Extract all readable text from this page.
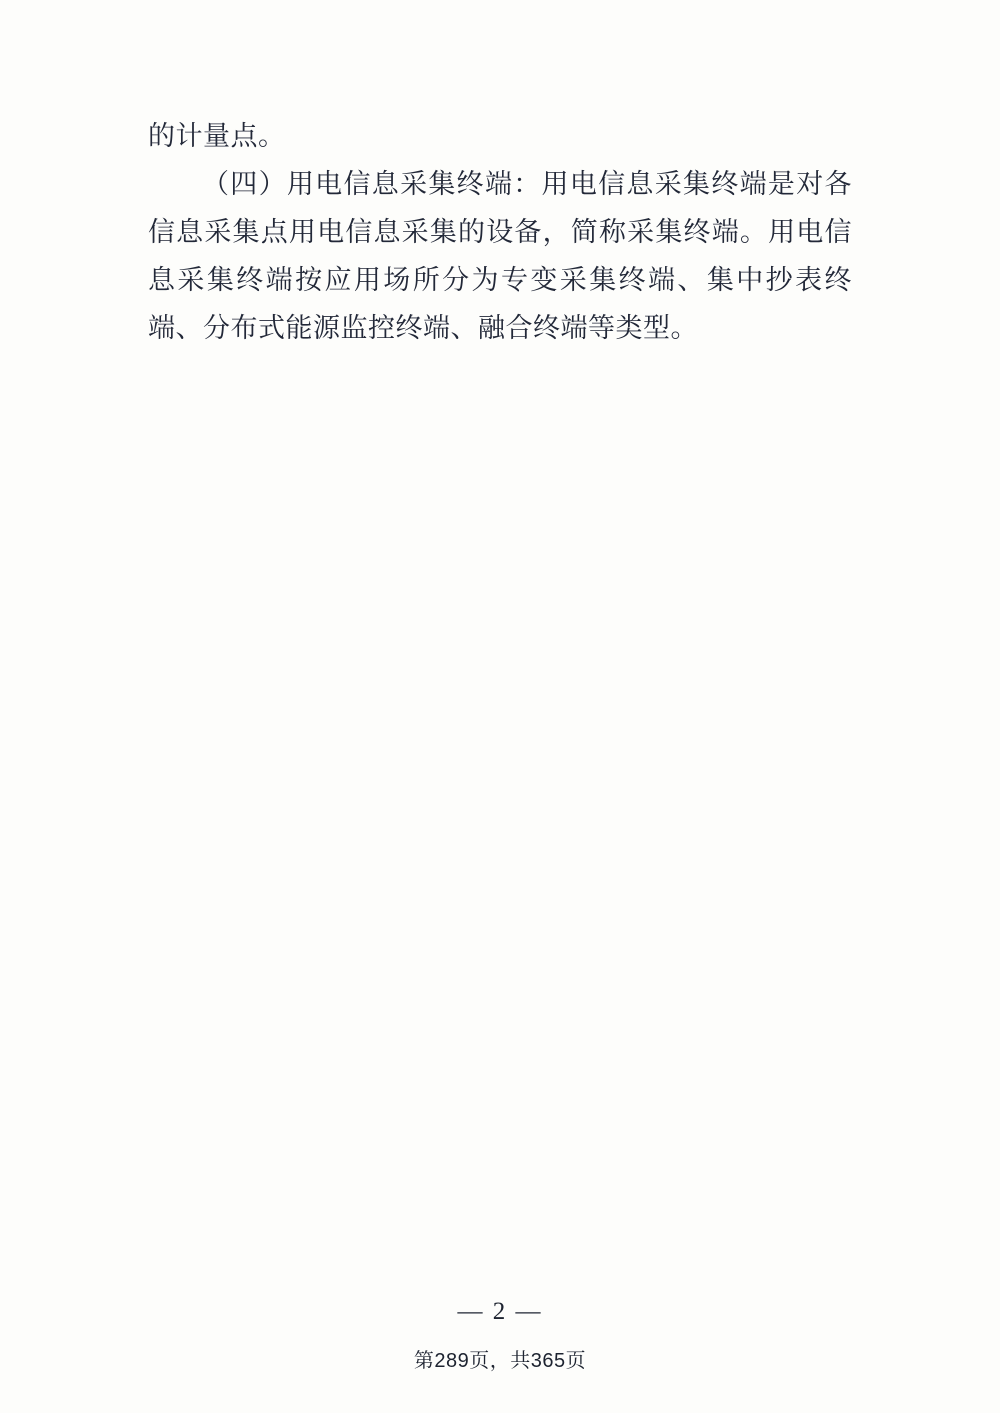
的计量点。

（四）用电信息采集终端：用电信息采集终端是对各信息采集点用电信息采集的设备，简称采集终端。用电信息采集终端按应用场所分为专变采集终端、集中抄表终端、分布式能源监控终端、融合终端等类型。

— 2 —
第289页，共365页
